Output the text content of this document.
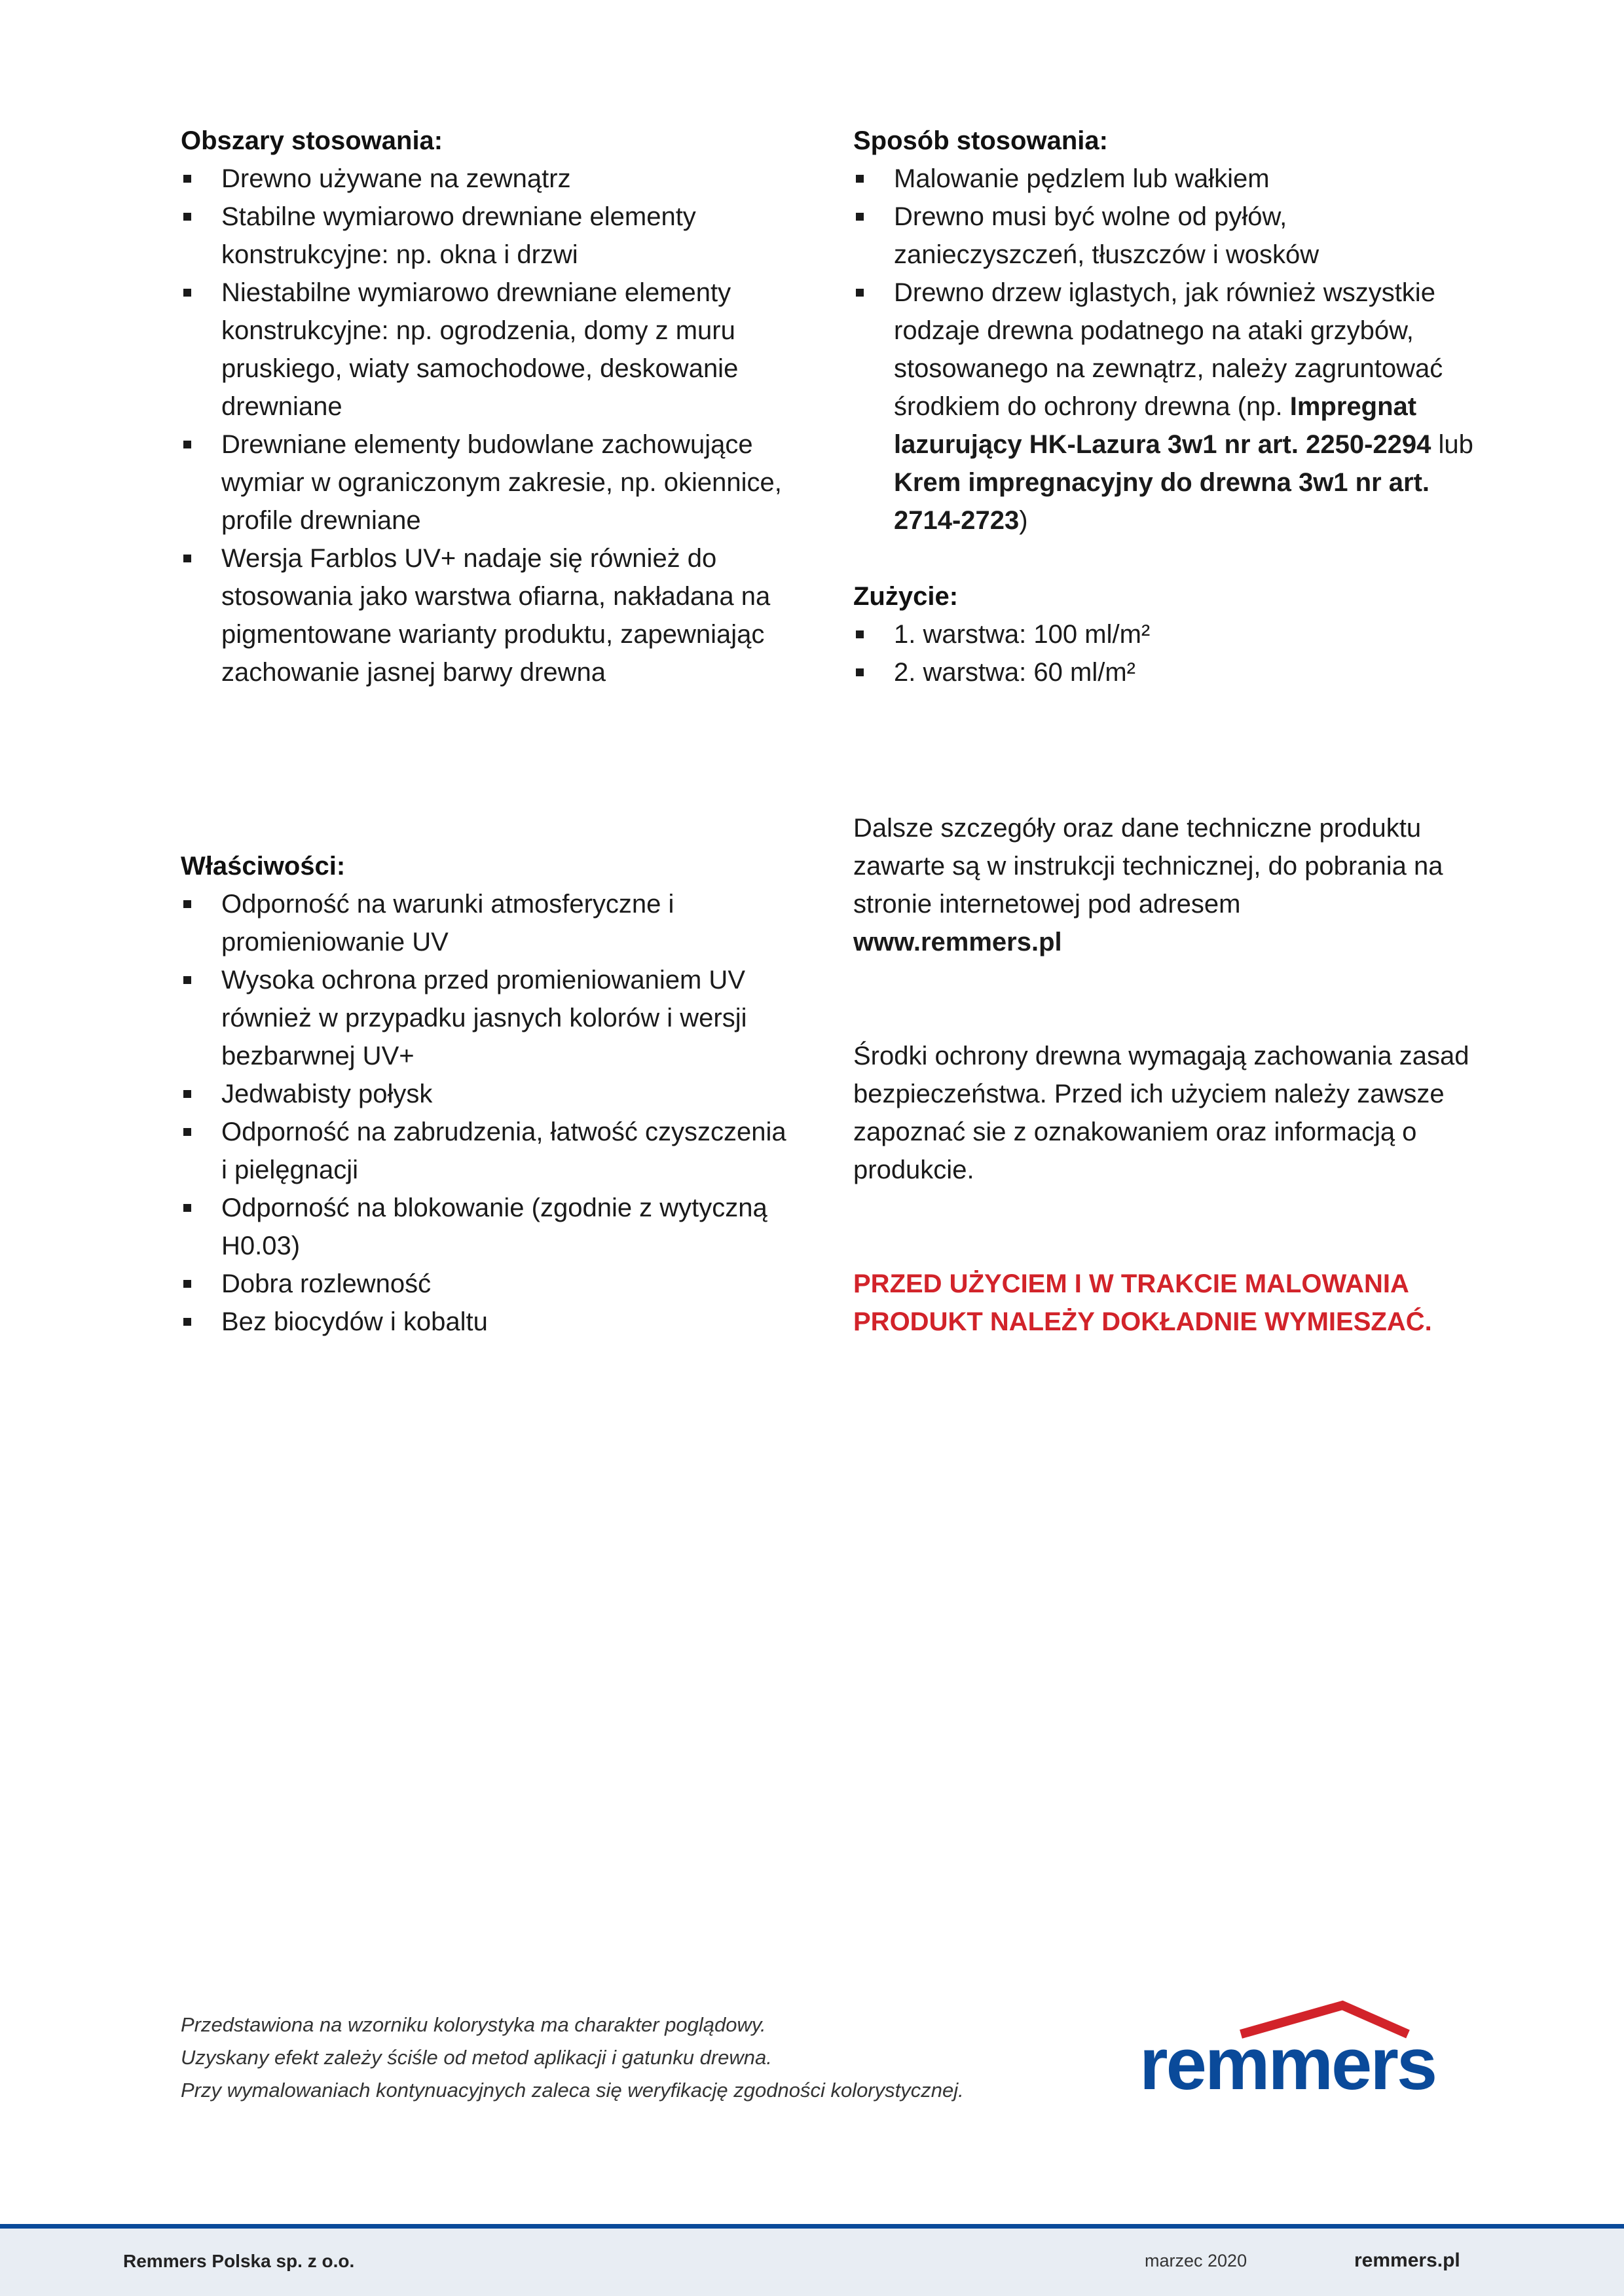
Obszary stosowania:

Drewno używane na zewnątrz
Stabilne wymiarowo drewniane elementy konstrukcyjne: np. okna i drzwi
Niestabilne wymiarowo drewniane elementy konstrukcyjne: np. ogrodzenia, domy z muru pruskiego, wiaty samochodowe, deskowanie drewniane
Drewniane elementy budowlane zachowujące wymiar w ograniczonym zakresie, np. okiennice, profile drewniane
Wersja Farblos UV+ nadaje się również do stosowania jako warstwa ofiarna, nakładana na pigmentowane warianty produktu, zapewniając zachowanie jasnej barwy drewna

Sposób stosowania:

Malowanie pędzlem lub wałkiem
Drewno musi być wolne od pyłów, zanieczyszczeń, tłuszczów i wosków
Drewno drzew iglastych, jak również wszystkie rodzaje drewna podatnego na ataki grzybów, stosowanego na zewnątrz, należy zagruntować środkiem do ochrony drewna (np. Impregnat lazurujący HK-Lazura 3w1 nr art. 2250-2294 lub Krem impregnacyjny do drewna 3w1 nr art. 2714-2723)

Zużycie:

1. warstwa: 100 ml/m²
2. warstwa: 60 ml/m²

Właściwości:

Odporność na warunki atmosferyczne i promieniowanie UV
Wysoka ochrona przed promieniowaniem UV również w przypadku jasnych kolorów i wersji bezbarwnej UV+
Jedwabisty połysk
Odporność na zabrudzenia, łatwość czyszczenia i pielęgnacji
Odporność na blokowanie (zgodnie z wytyczną H0.03)
Dobra rozlewność
Bez biocydów i kobaltu

Dalsze szczegóły oraz dane techniczne produktu zawarte są w instrukcji technicznej, do pobrania na stronie internetowej pod adresem
www.remmers.pl

Środki ochrony drewna wymagają zachowania zasad bezpieczeństwa. Przed ich użyciem należy zawsze zapoznać sie z oznakowaniem oraz informacją o produkcie.

PRZED UŻYCIEM I W TRAKCIE MALOWANIA
PRODUKT NALEŻY DOKŁADNIE WYMIESZAĆ.

Przedstawiona na wzorniku kolorystyka ma charakter poglądowy.

Uzyskany efekt zależy ściśle od metod aplikacji i gatunku drewna.

Przy wymalowaniach kontynuacyjnych zaleca się weryfikację zgodności kolorystycznej.	remmers
Remmers Polska sp. z o.o.	marzec 2020	remmers.pl
